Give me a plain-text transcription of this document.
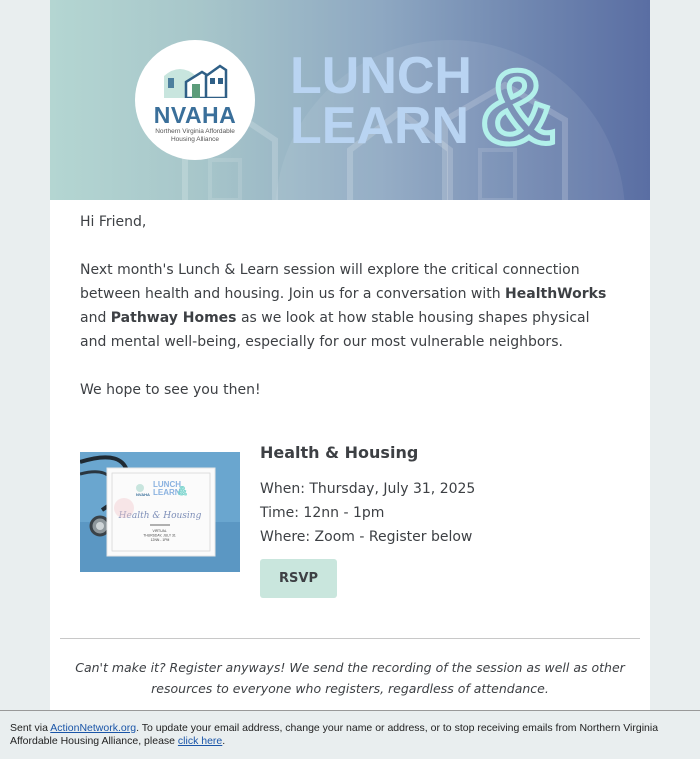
NVAHA
Northern Virginia Affordable Housing Alliance
LUNCH
LEARN &

Hi Friend,

Next month's Lunch & Learn session will explore the critical connection between health and housing. Join us for a conversation with HealthWorks and Pathway Homes as we look at how stable housing shapes physical and mental well-being, especially for our most vulnerable neighbors.

We hope to see you then!

NVAHA
LUNCH
LEARN
&
Health & Housing
VIRTUAL THURSDAY, JULY 31 12NN - 1PM
Health & Housing
When: Thursday, July 31, 2025
Time: 12nn - 1pm
Where: Zoom - Register below
RSVP
Can't make it? Register anyways! We send the recording of the session as well as other resources to everyone who registers, regardless of attendance.
Sent via ActionNetwork.org. To update your email address, change your name or address, or to stop receiving emails from Northern Virginia Affordable Housing Alliance, please click here.
